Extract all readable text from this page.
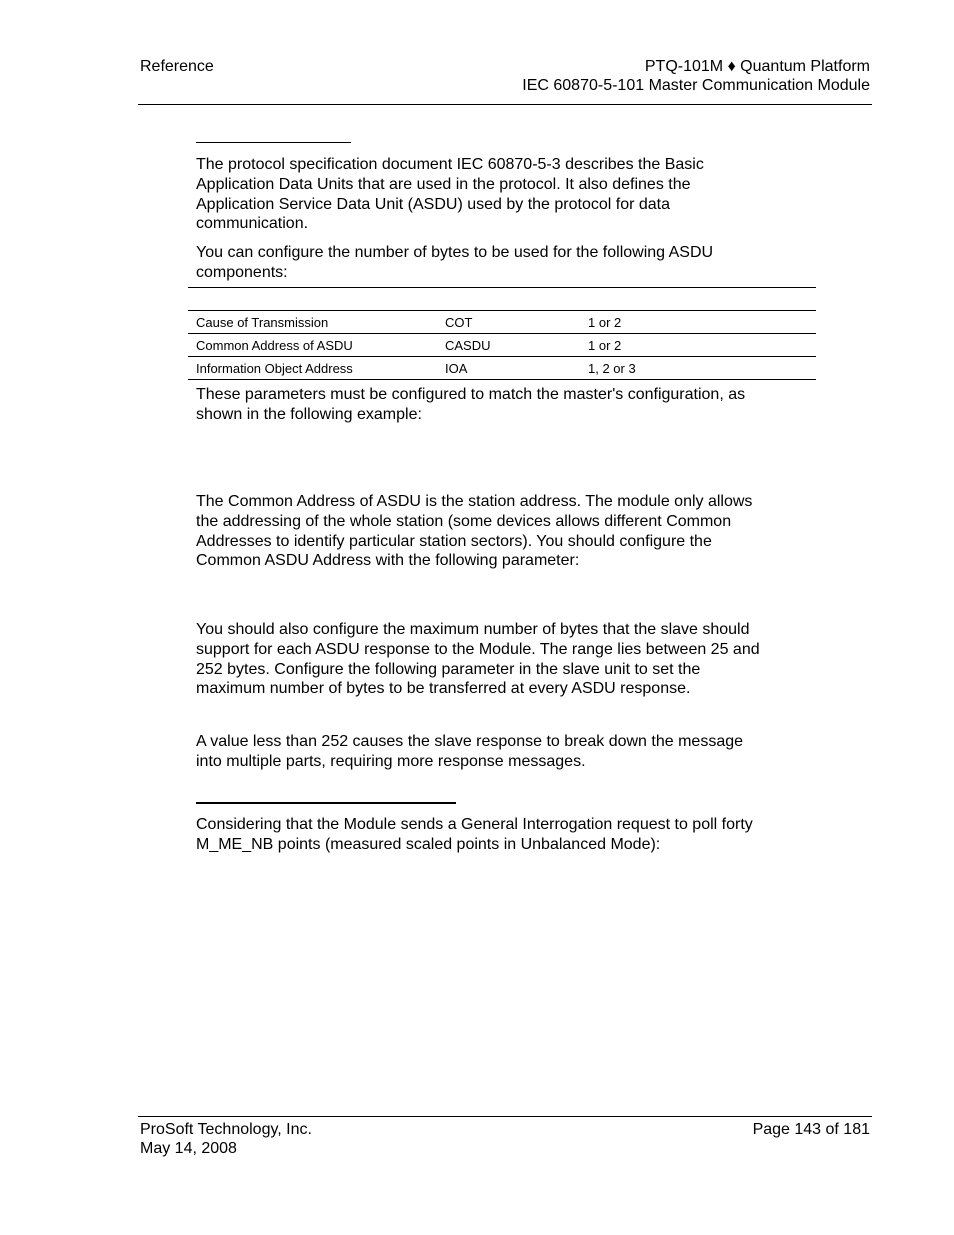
Reference	PTQ-101M ♦ Quantum Platform
IEC 60870-5-101 Master Communication Module
The protocol specification document IEC 60870-5-3 describes the Basic
Application Data Units that are used in the protocol. It also defines the
Application Service Data Unit (ASDU) used by the protocol for data
communication.
You can configure the number of bytes to be used for the following ASDU
components:

Cause of Transmission	COT	1 or 2
Common Address of ASDU	CASDU	1 or 2
Information Object Address	IOA	1, 2 or 3
These parameters must be configured to match the master's configuration, as
shown in the following example:
The Common Address of ASDU is the station address. The module only allows
the addressing of the whole station (some devices allows different Common
Addresses to identify particular station sectors). You should configure the
Common ASDU Address with the following parameter:
You should also configure the maximum number of bytes that the slave should
support for each ASDU response to the Module. The range lies between 25 and
252 bytes. Configure the following parameter in the slave unit to set the
maximum number of bytes to be transferred at every ASDU response.
A value less than 252 causes the slave response to break down the message
into multiple parts, requiring more response messages.
Considering that the Module sends a General Interrogation request to poll forty
M_ME_NB points (measured scaled points in Unbalanced Mode):
ProSoft Technology, Inc.
May 14, 2008
Page 143 of 181
